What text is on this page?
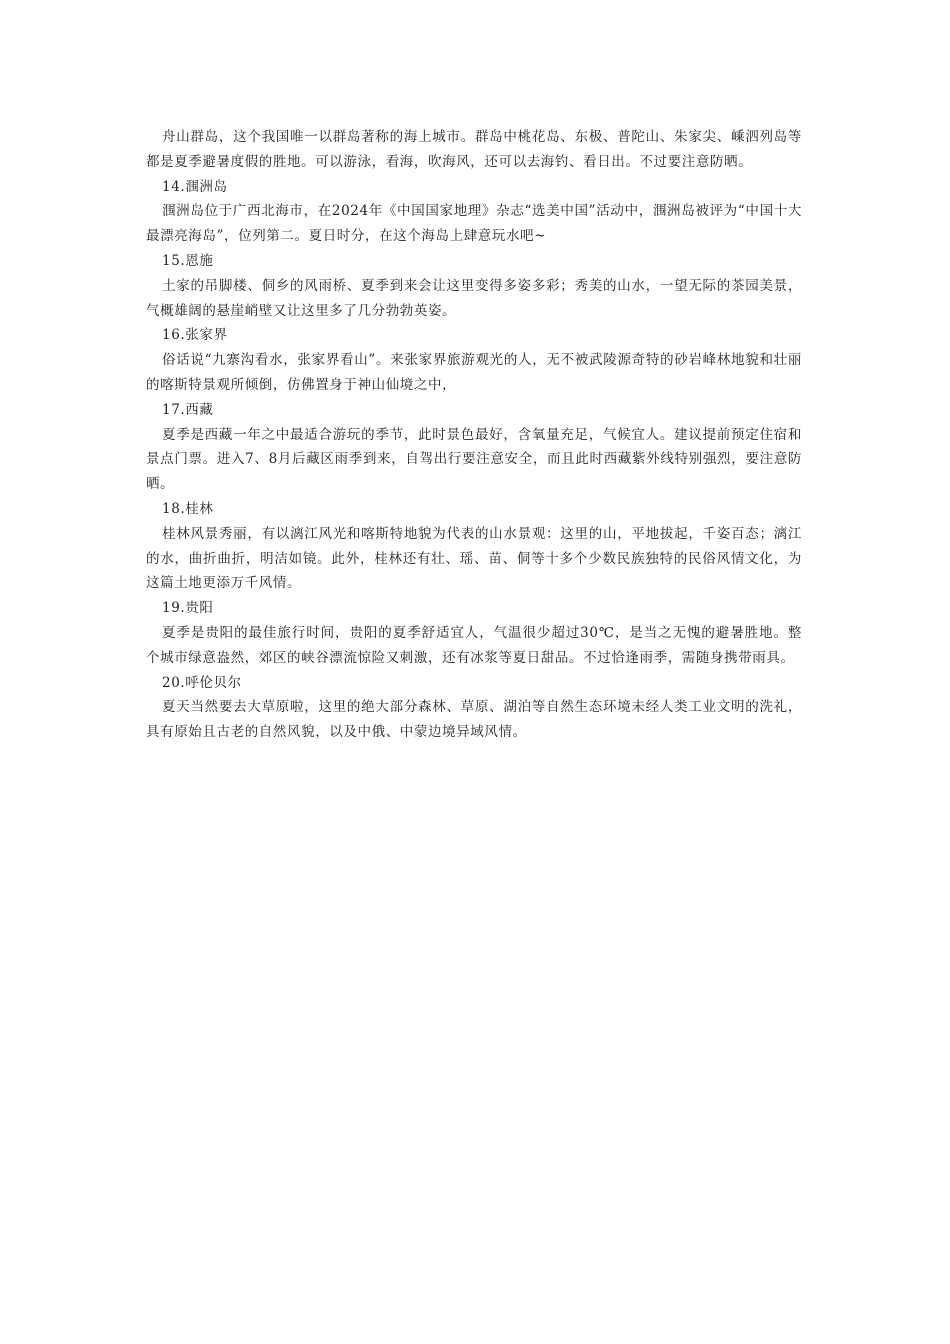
舟山群岛，这个我国唯一以群岛著称的海上城市。群岛中桃花岛、东极、普陀山、朱家尖、嵊泗列岛等都是夏季避暑度假的胜地。可以游泳，看海，吹海风，还可以去海钓、看日出。不过要注意防晒。

14.涠洲岛

涠洲岛位于广西北海市，在2024年《中国国家地理》杂志“选美中国”活动中，涠洲岛被评为“中国十大最漂亮海岛”，位列第二。夏日时分，在这个海岛上肆意玩水吧~

15.恩施

土家的吊脚楼、侗乡的风雨桥、夏季到来会让这里变得多姿多彩；秀美的山水，一望无际的茶园美景，气概雄阔的悬崖峭壁又让这里多了几分勃勃英姿。

16.张家界

俗话说“九寨沟看水，张家界看山”。来张家界旅游观光的人，无不被武陵源奇特的砂岩峰林地貌和壮丽的喀斯特景观所倾倒，仿佛置身于神山仙境之中，

17.西藏

夏季是西藏一年之中最适合游玩的季节，此时景色最好，含氧量充足，气候宜人。建议提前预定住宿和景点门票。进入7、8月后藏区雨季到来，自驾出行要注意安全，而且此时西藏紫外线特别强烈，要注意防晒。

18.桂林

桂林风景秀丽，有以漓江风光和喀斯特地貌为代表的山水景观：这里的山，平地拔起，千姿百态；漓江的水，曲折曲折，明洁如镜。此外，桂林还有壮、瑶、苗、侗等十多个少数民族独特的民俗风情文化，为这篇土地更添万千风情。

19.贵阳

夏季是贵阳的最佳旅行时间，贵阳的夏季舒适宜人，气温很少超过30℃，是当之无愧的避暑胜地。整个城市绿意盎然，郊区的峡谷漂流惊险又刺激，还有冰浆等夏日甜品。不过恰逢雨季，需随身携带雨具。

20.呼伦贝尔

夏天当然要去大草原啦，这里的绝大部分森林、草原、湖泊等自然生态环境未经人类工业文明的洗礼，具有原始且古老的自然风貌，以及中俄、中蒙边境异域风情。
